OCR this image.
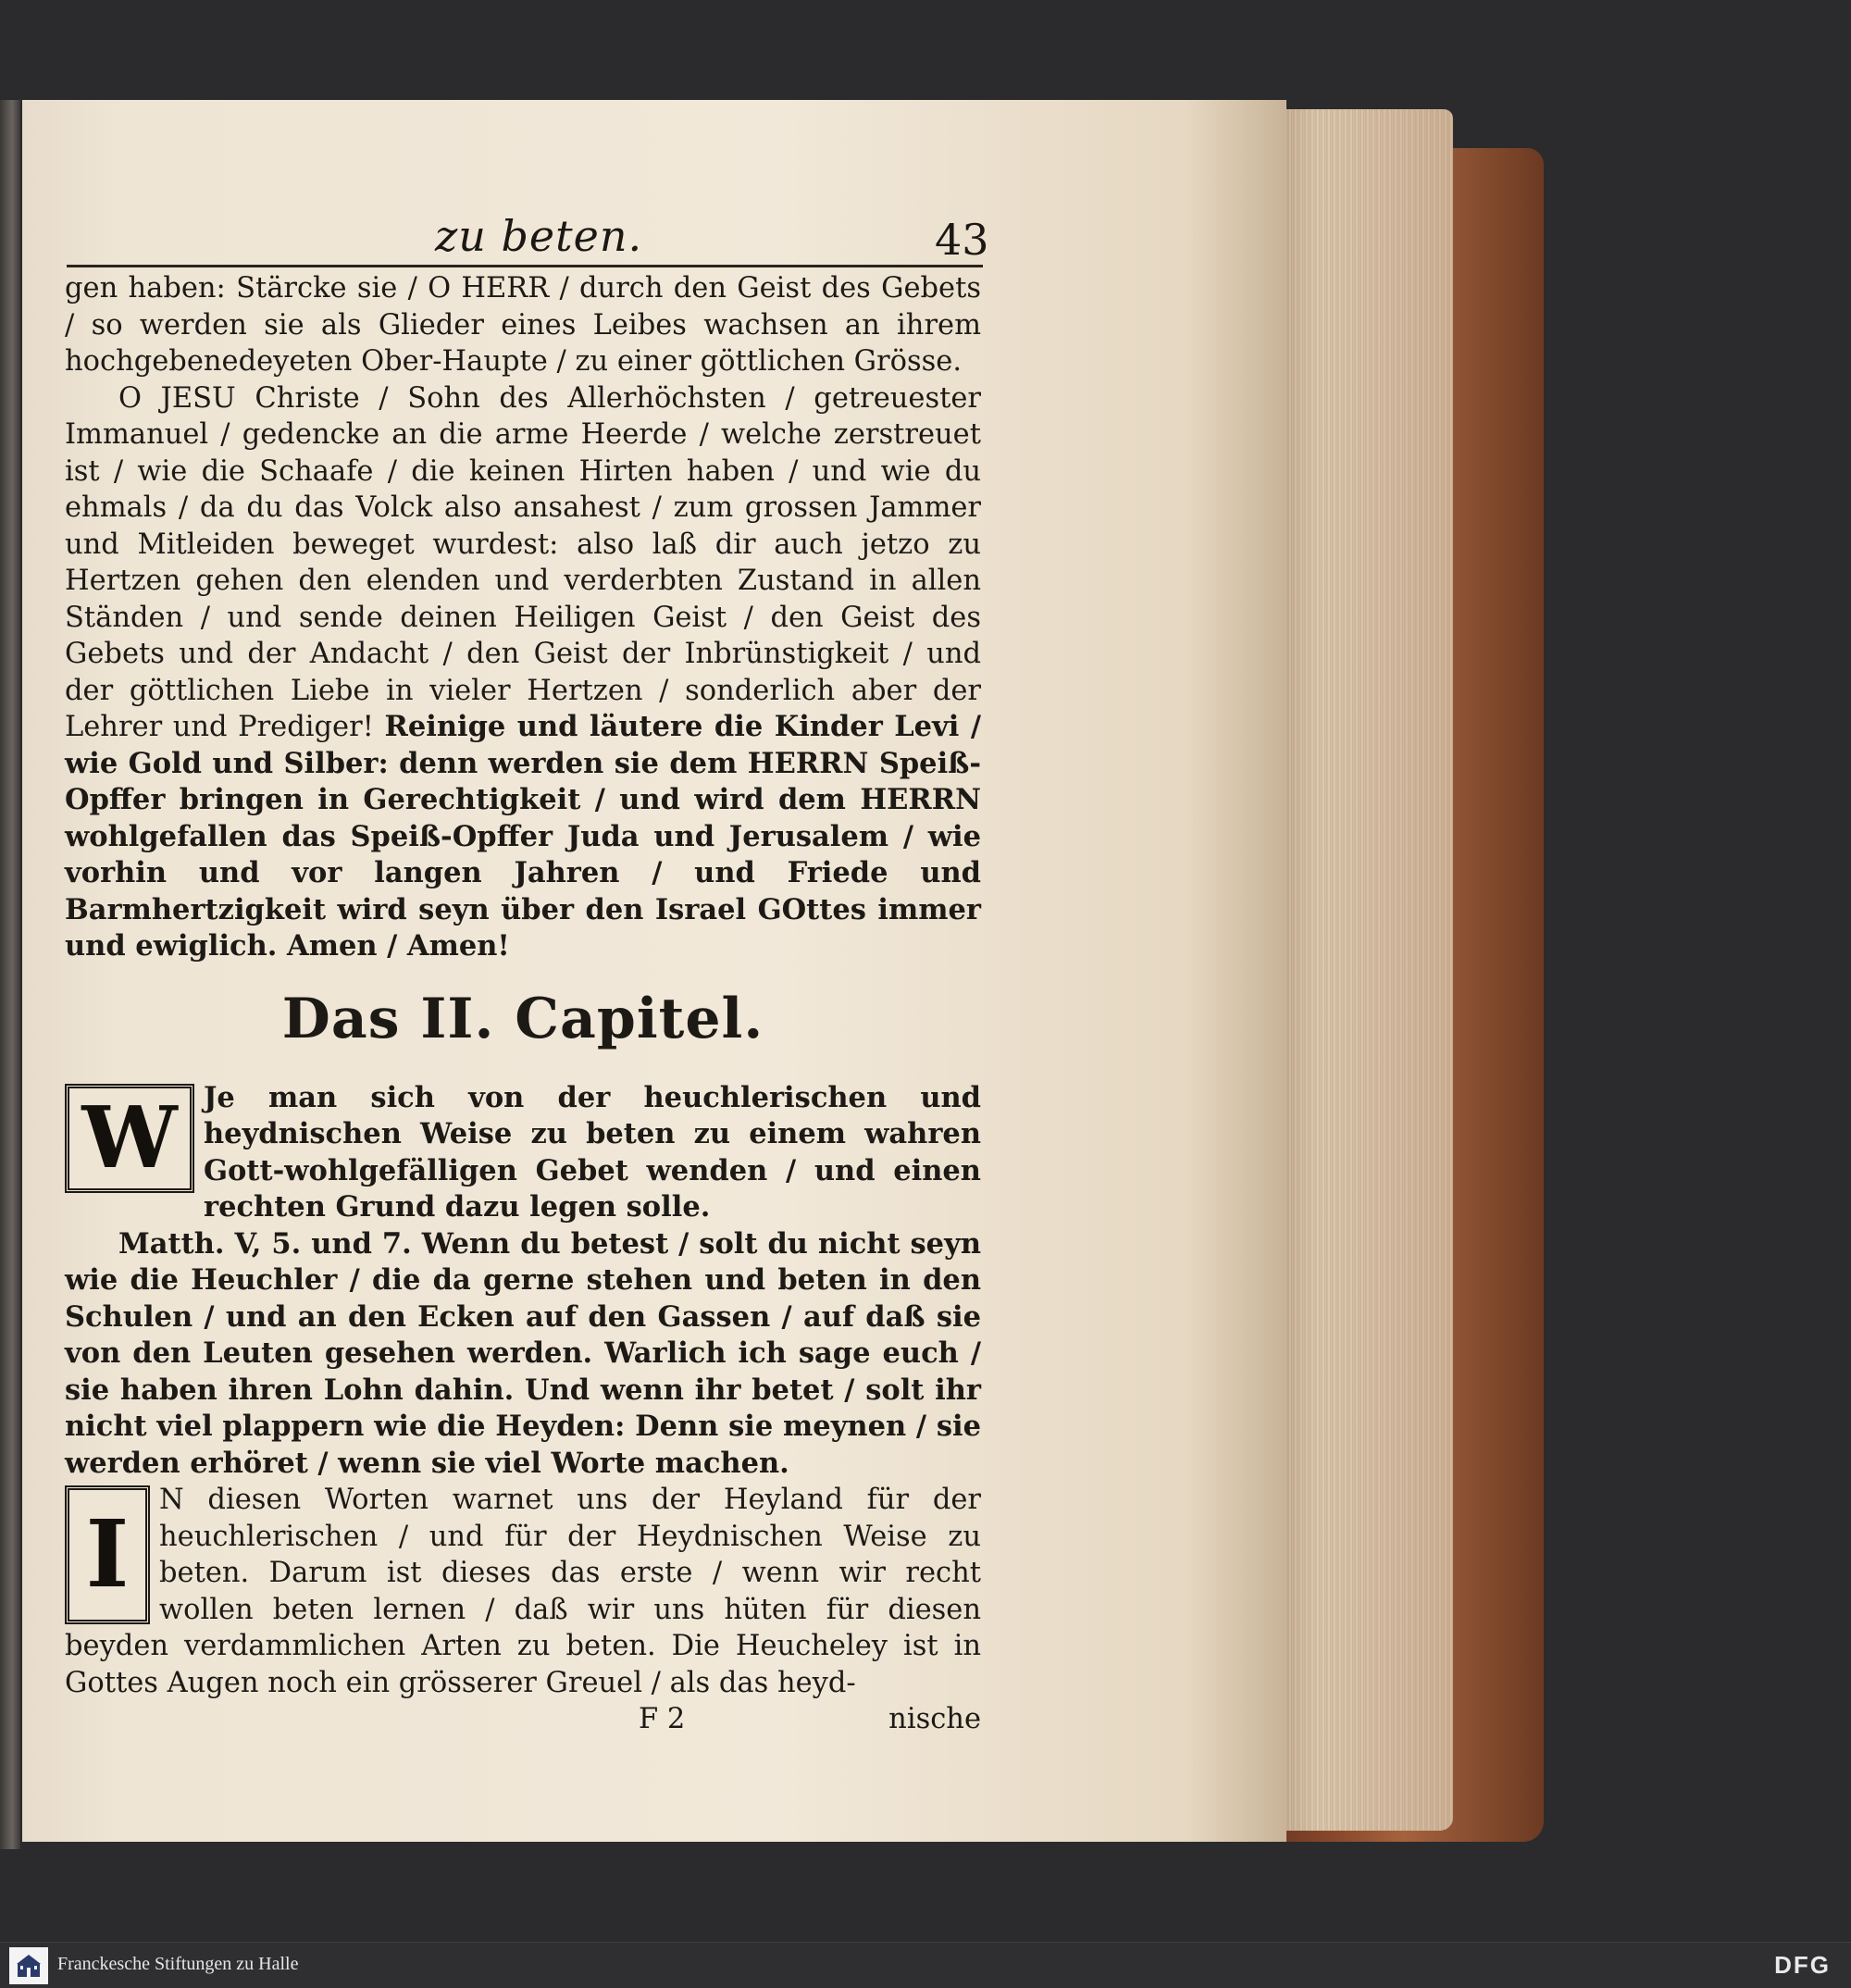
zu beten.	43

gen haben: Stärcke sie / O HERR / durch den Geist des Gebets / so werden sie als Glieder eines Leibes wachsen an ihrem hochgebenedeyeten Ober-Haupte / zu einer göttlichen Grösse.

O JESU Christe / Sohn des Allerhöchsten / getreuester Immanuel / gedencke an die arme Heerde / welche zerstreuet ist / wie die Schaafe / die keinen Hirten haben / und wie du ehmals / da du das Volck also ansahest / zum grossen Jammer und Mitleiden beweget wurdest: also laß dir auch jetzo zu Hertzen gehen den elenden und verderbten Zustand in allen Ständen / und sende deinen Heiligen Geist / den Geist des Gebets und der Andacht / den Geist der Inbrünstigkeit / und der göttlichen Liebe in vieler Hertzen / sonderlich aber der Lehrer und Prediger! Reinige und läutere die Kinder Levi / wie Gold und Silber: denn werden sie dem HERRN Speiß-Opffer bringen in Gerechtigkeit / und wird dem HERRN wohlgefallen das Speiß-Opffer Juda und Jerusalem / wie vorhin und vor langen Jahren / und Friede und Barmhertzigkeit wird seyn über den Israel GOttes immer und ewiglich. Amen / Amen!

Das II. Capitel.
W Je man sich von der heuchlerischen und heydnischen Weise zu beten zu einem wahren Gott-wohlgefälligen Gebet wenden / und einen rechten Grund dazu legen solle.

Matth. V, 5. und 7. Wenn du betest / solt du nicht seyn wie die Heuchler / die da gerne stehen und beten in den Schulen / und an den Ecken auf den Gassen / auf daß sie von den Leuten gesehen werden. Warlich ich sage euch / sie haben ihren Lohn dahin. Und wenn ihr betet / solt ihr nicht viel plappern wie die Heyden: Denn sie meynen / sie werden erhöret / wenn sie viel Worte machen.

I	N diesen Worten warnet uns der Heyland für der heuchlerischen / und für der Heydnischen Weise zu beten. Darum ist dieses das erste / wenn wir recht wollen beten lernen / daß wir uns hüten für diesen beyden verdammlichen Arten zu beten. Die Heucheley ist in Gottes Augen noch ein grösserer Greuel / als das heyd-

F 2	nische
Franckesche Stiftungen zu Halle	DFG
